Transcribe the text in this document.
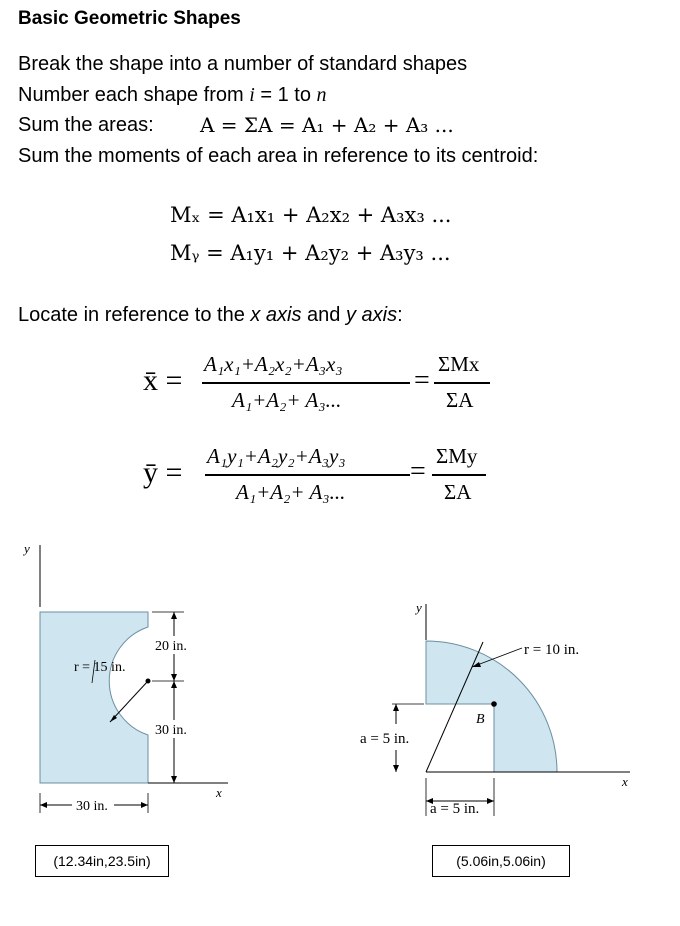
Basic Geometric Shapes
Break the shape into a number of standard shapes
Number each shape from i = 1 to n
Sum the areas: A = ΣA = A₁ + A₂ + A₃ ...
Sum the moments of each area in reference to its centroid:
Mₓ = A₁x₁ + A₂x₂ + A₃x₃ ...
Mᵧ = A₁y₁ + A₂y₂ + A₃y₃ ...
Locate in reference to the x axis and y axis:
x̄ = A₁x₁+A₂x₂+A₃x₃
A₁+A₂+ A₃...
=
ΣMx
ΣA
ȳ = A₁y₁+A₂y₂+A₃y₃
A₁+A₂+ A₃...
= ΣMy
ΣA
y
r = 15 in.
x
20 in.
30 in.
30 in.
y
r = 10 in.
B
x
a = 5 in.
a = 5 in.
(12.34in,23.5in)	(5.06in,5.06in)
